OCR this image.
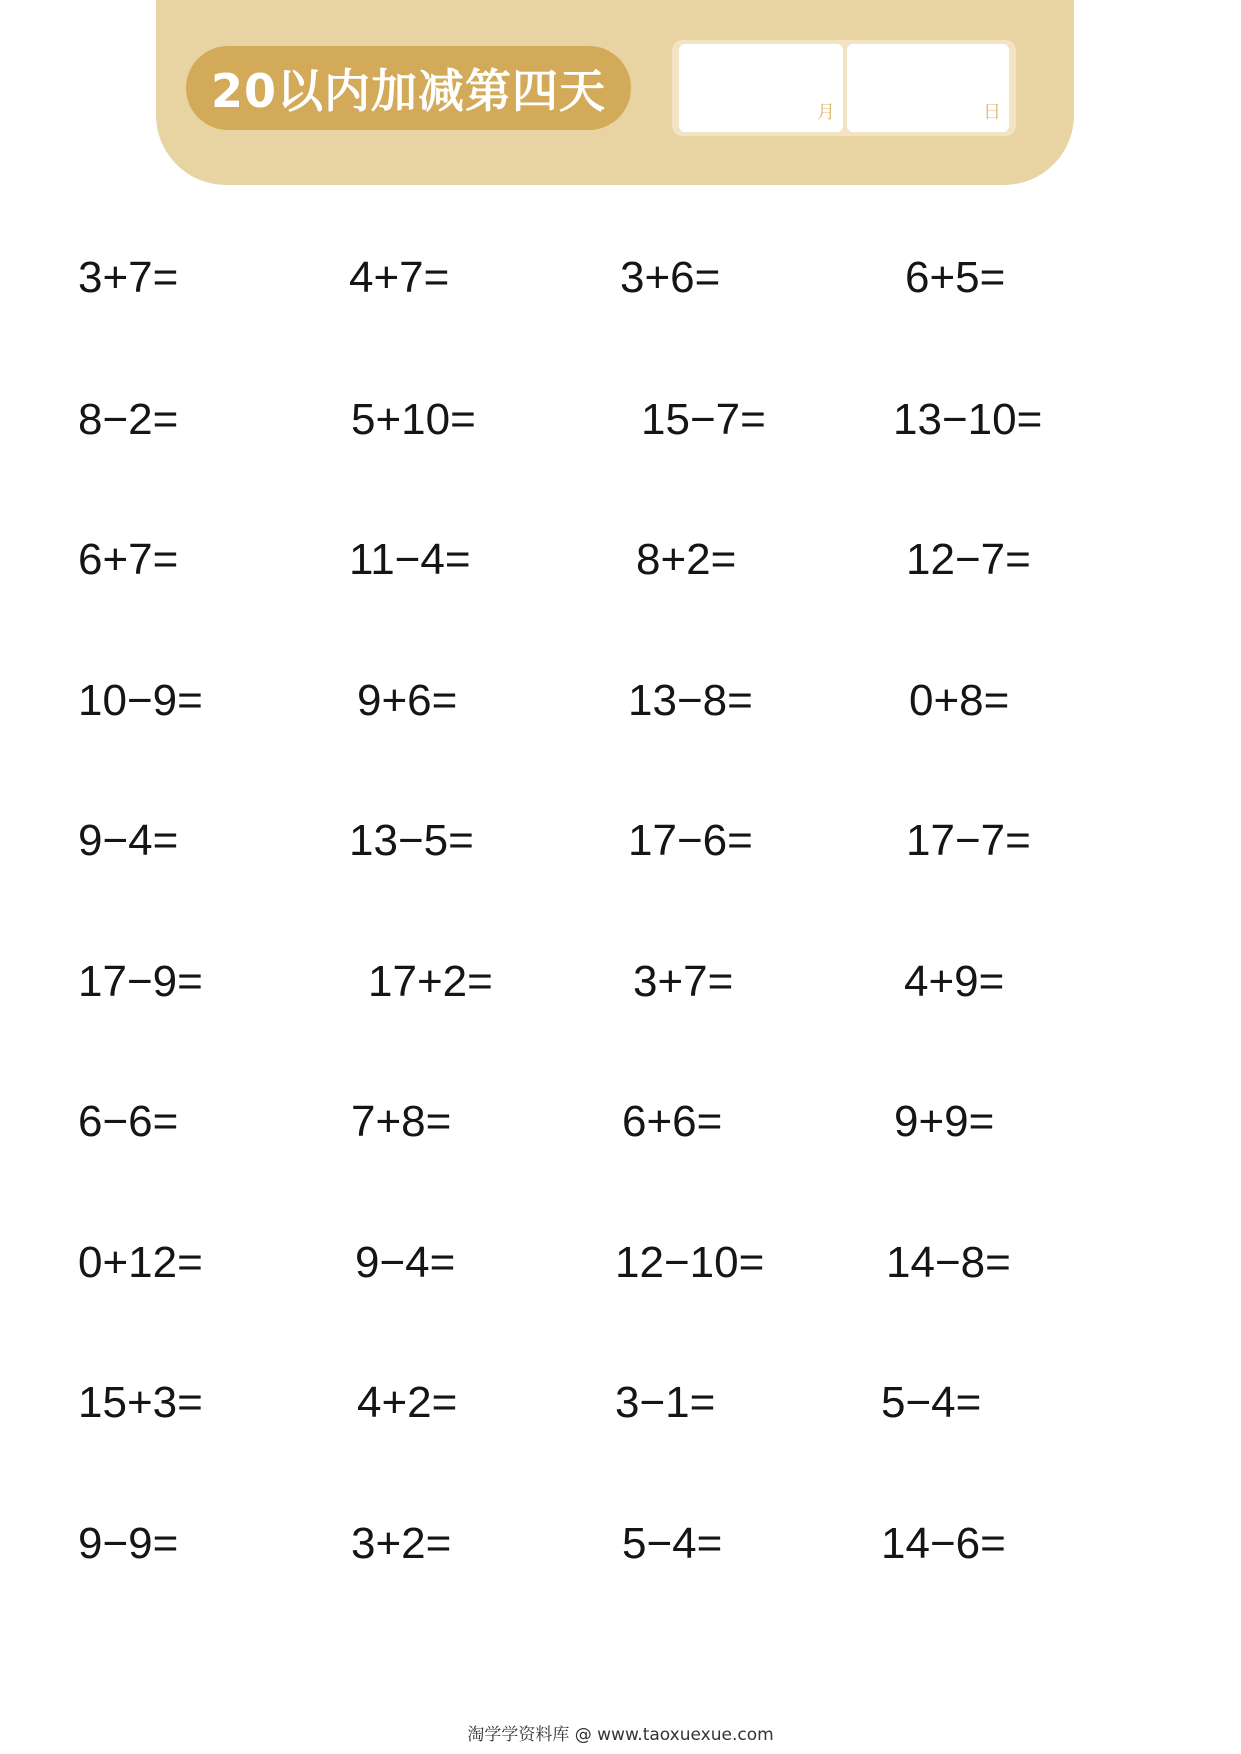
20以内加减第四天	月	日
3+7=	4+7=	3+6=	6+5=
8−2=	5+10=	15−7=	13−10=
6+7=	11−4=	8+2=	12−7=
10−9=	9+6=	13−8=	0+8=
9−4=	13−5=	17−6=	17−7=
17−9=	17+2=	3+7=	4+9=
6−6=	7+8=	6+6=	9+9=
0+12=	9−4=	12−10=	14−8=
15+3=	4+2=	3−1=	5−4=
9−9=	3+2=	5−4=	14−6=
淘学学资料库 @ www.taoxuexue.com
